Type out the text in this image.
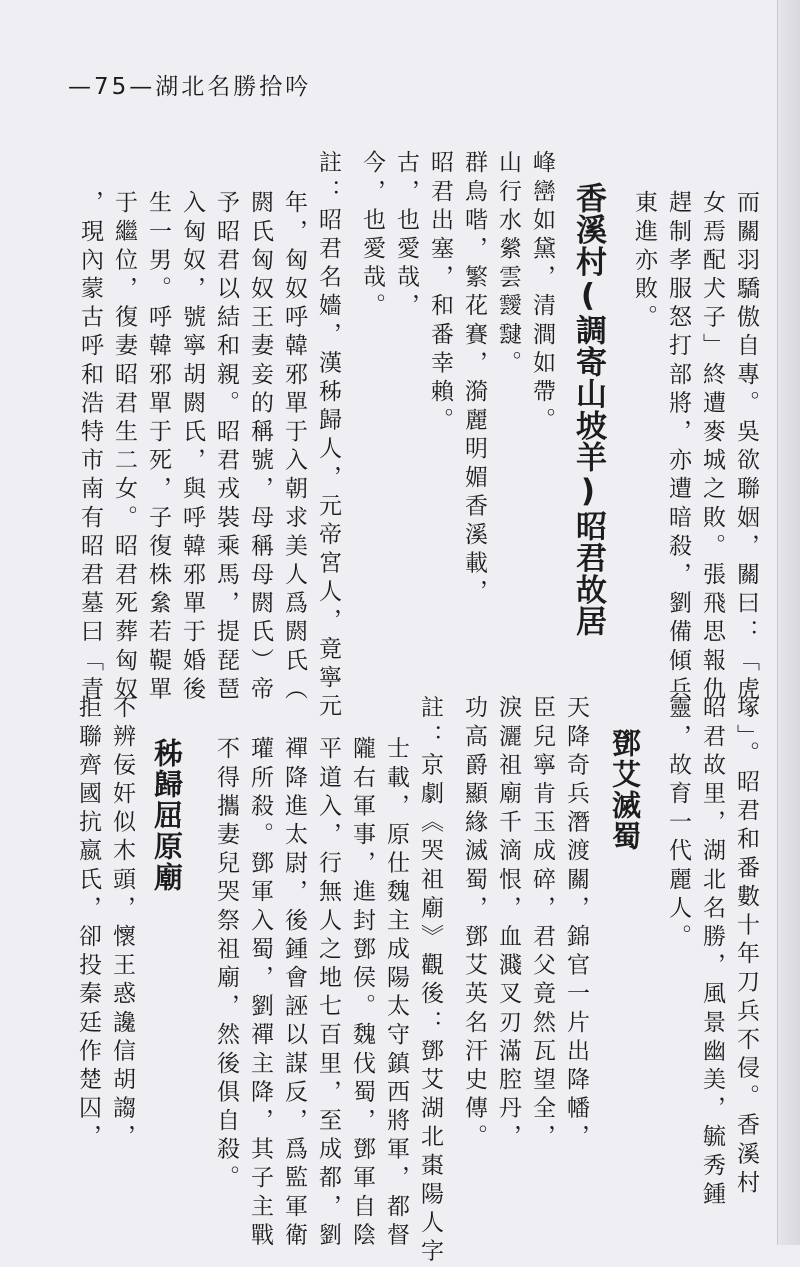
—75—湖北名勝拾吟
而關羽驕傲自專。吳欲聯姻，關曰：「虎
女焉配犬子」終遭麥城之敗。張飛思報仇
趕制孝服怒打部將，亦遭暗殺，劉備傾兵
東進亦敗。
香溪村(調寄山坡羊)昭君故居
峰巒如黛，清澗如帶。
山行水縈雲靉靆。
群鳥喈，繁花賽，漪麗明媚香溪載，
昭君出塞，和番幸賴。
古，也愛哉，
今，也愛哉。
註：昭君名嬙，漢秭歸人，元帝宮人，竟寧元
年，匈奴呼韓邪單于入朝求美人爲閼氏（
閼氏匈奴王妻妾的稱號，母稱母閼氏）帝
予昭君以結和親。昭君戎裝乘馬，提琵琶
入匈奴，號寧胡閼氏，與呼韓邪單于婚後
生一男。呼韓邪單于死，子復株絫若鞮單
于繼位，復妻昭君生二女。昭君死葬匈奴
，現內蒙古呼和浩特市南有昭君墓曰「青
塚」。昭君和番數十年刀兵不侵。香溪村
昭君故里，湖北名勝，風景幽美，毓秀鍾
靈，故育一代麗人。
鄧艾滅蜀
天降奇兵潛渡關，錦官一片出降幡，
臣兒寧肯玉成碎，君父竟然瓦望全，
淚灑祖廟千滴恨，血濺叉刃滿腔丹，
功高爵顯緣滅蜀，鄧艾英名汗史傳。
註：京劇《哭祖廟》觀後：鄧艾湖北棗陽人字
士載，原仕魏主成陽太守鎮西將軍，都督
隴右軍事，進封鄧侯。魏伐蜀，鄧軍自陰
平道入，行無人之地七百里，至成都，劉
禪降進太尉，後鍾會誣以謀反，爲監軍衛
瓘所殺。鄧軍入蜀，劉禪主降，其子主戰
不得攜妻兒哭祭祖廟，然後俱自殺。
秭歸屈原廟
不辨佞奸似木頭，懷王惑讒信胡謅，
拒聯齊國抗嬴氏，卻投秦廷作楚囚，
